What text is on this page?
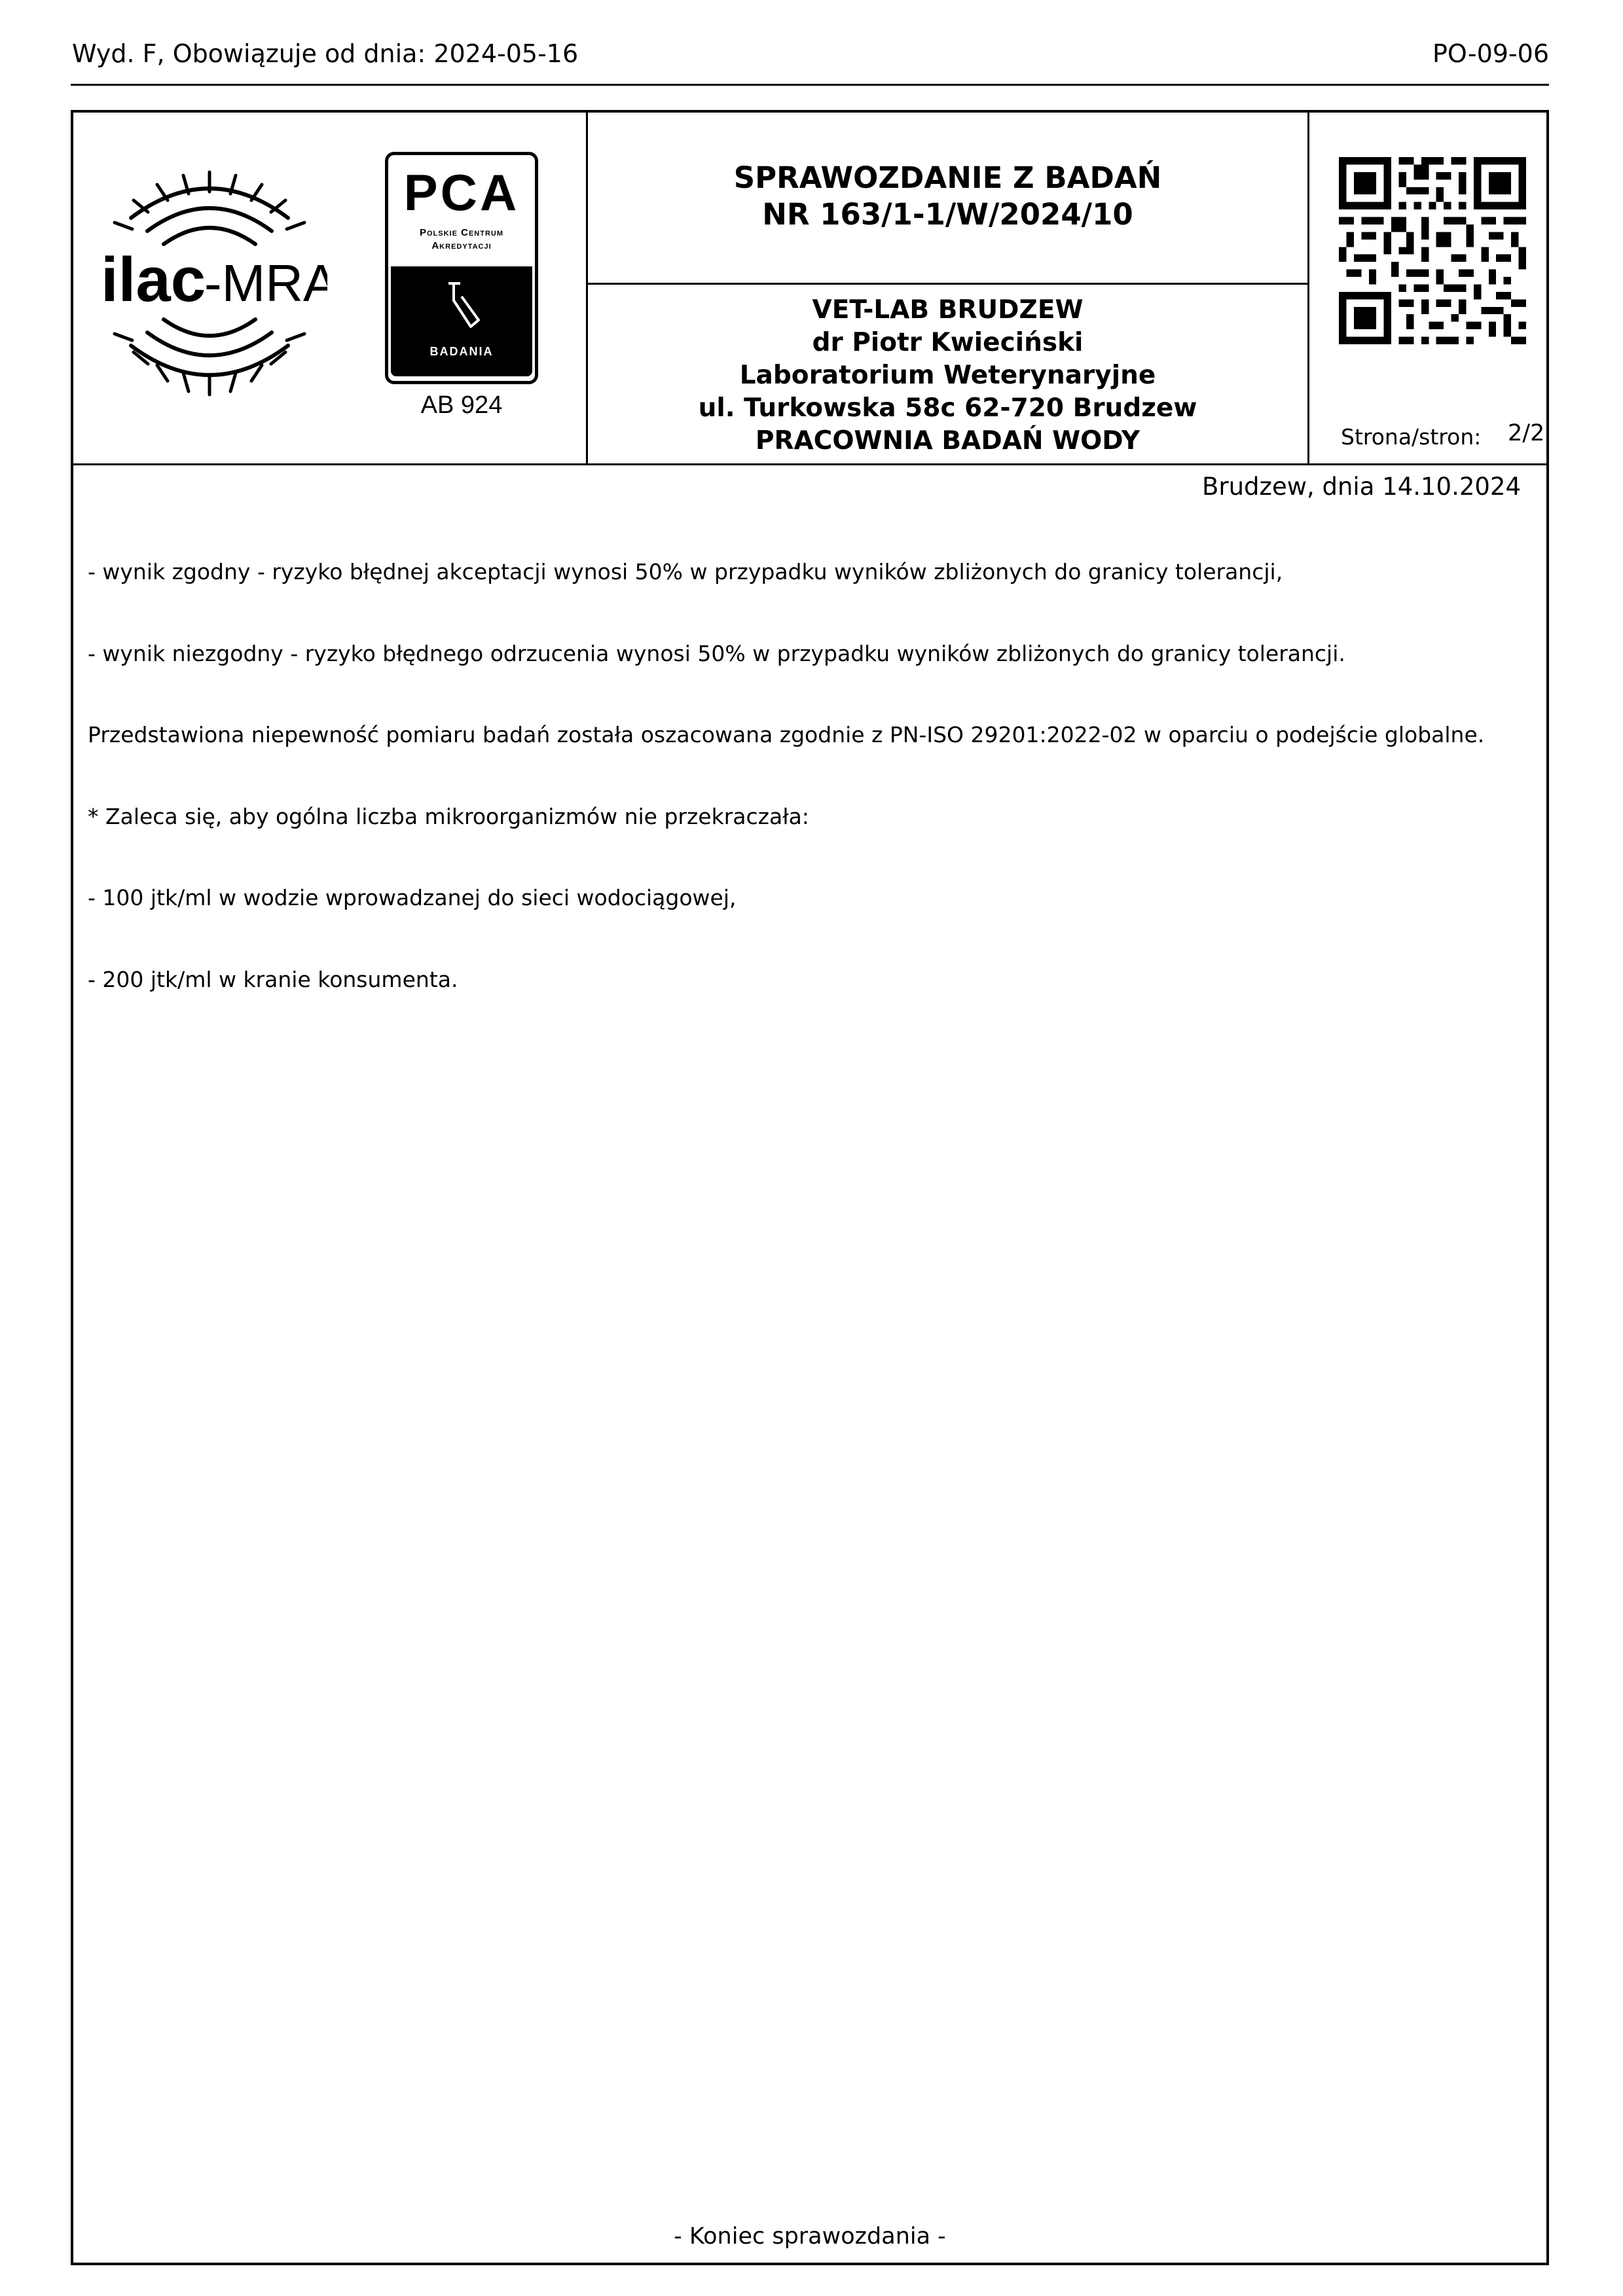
Wyd. F, Obowiązuje od dnia: 2024-05-16	PO-09-06
ilac
-MRA
PCA
Polskie Centrum
Akredytacji
BADANIA
AB 924
SPRAWOZDANIE Z BADAŃ
NR 163/1-1/W/2024/10
VET-LAB BRUDZEW
dr Piotr Kwieciński
Laboratorium Weterynaryjne
ul. Turkowska 58c 62-720 Brudzew
PRACOWNIA BADAŃ WODY	Strona/stron: 2/2
Brudzew, dnia 14.10.2024

- wynik zgodny - ryzyko błędnej akceptacji wynosi 50% w przypadku wyników zbliżonych do granicy tolerancji,

- wynik niezgodny - ryzyko błędnego odrzucenia wynosi 50% w przypadku wyników zbliżonych do granicy tolerancji.

Przedstawiona niepewność pomiaru badań została oszacowana zgodnie z PN-ISO 29201:2022-02 w oparciu o podejście globalne.

* Zaleca się, aby ogólna liczba mikroorganizmów nie przekraczała:

- 100 jtk/ml w wodzie wprowadzanej do sieci wodociągowej,

- 200 jtk/ml w kranie konsumenta.

- Koniec sprawozdania -
